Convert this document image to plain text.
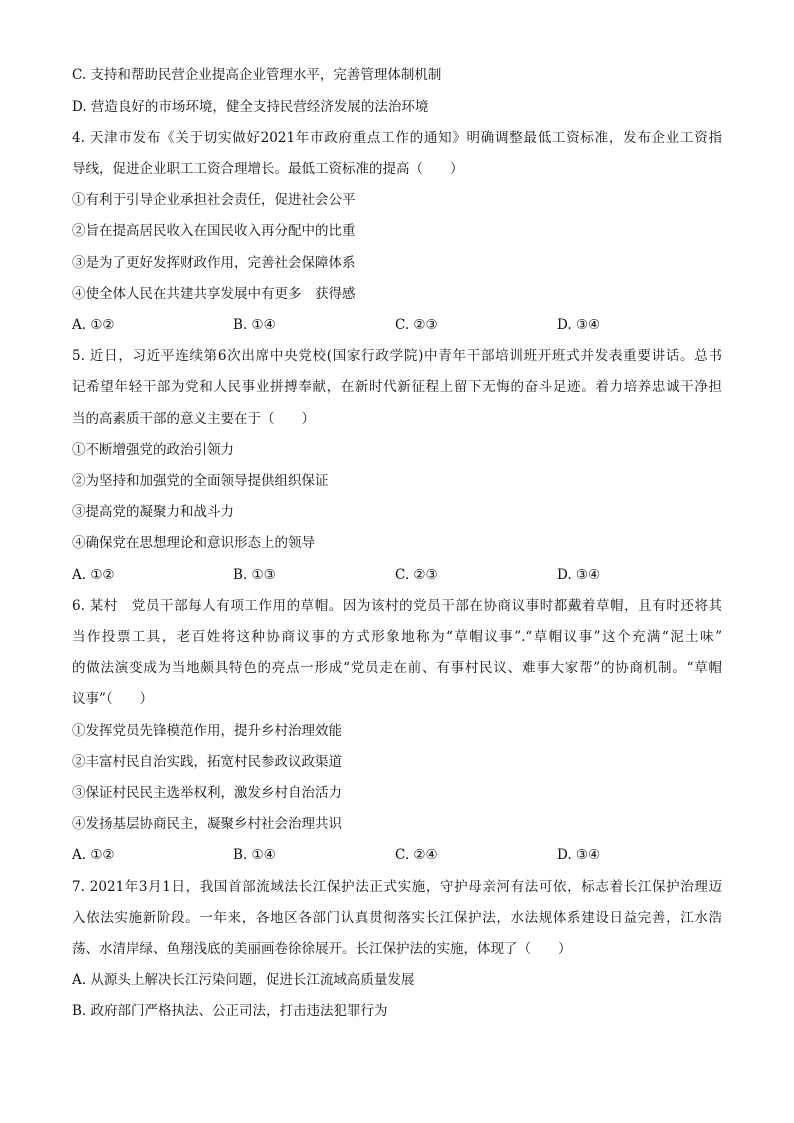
C. 支持和帮助民营企业提高企业管理水平，完善管理体制机制
D. 营造良好的市场环境，健全支持民营经济发展的法治环境
4. 天津市发布《关于切实做好2021年市政府重点工作的通知》明确调整最低工资标准，发布企业工资指
导线，促进企业职工工资合理增长。最低工资标准的提高（　　）
①有利于引导企业承担社会责任，促进社会公平
②旨在提高居民收入在国民收入再分配中的比重
③是为了更好发挥财政作用，完善社会保障体系
④使全体人民在共建共享发展中有更多　获得感
A. ①②	B. ①④	C. ②③	D. ③④
5. 近日，习近平连续第6次出席中央党校(国家行政学院)中青年干部培训班开班式并发表重要讲话。总书
记希望年轻干部为党和人民事业拼搏奉献，在新时代新征程上留下无悔的奋斗足迹。着力培养忠诚干净担
当的高素质干部的意义主要在于（　　）
①不断增强党的政治引领力
②为坚持和加强党的全面领导提供组织保证
③提高党的凝聚力和战斗力
④确保党在思想理论和意识形态上的领导
A. ①②	B. ①③	C. ②③	D. ③④
6. 某村　党员干部每人有项工作用的草帽。因为该村的党员干部在协商议事时都戴着草帽，且有时还将其
当作投票工具，老百姓将这种协商议事的方式形象地称为“草帽议事”.“草帽议事”这个充满“泥土味”
的做法演变成为当地颇具特色的亮点一形成“党员走在前、有事村民议、难事大家帮”的协商机制。“草帽
议事”（　　）
①发挥党员先锋模范作用，提升乡村治理效能
②丰富村民自治实践，拓宽村民参政议政渠道
③保证村民民主选举权利，激发乡村自治活力
④发扬基层协商民主，凝聚乡村社会治理共识
A. ①②	B. ①④	C. ②④	D. ③④
7. 2021年3月1日，我国首部流域法长江保护法正式实施，守护母亲河有法可依，标志着长江保护治理迈
入依法实施新阶段。一年来，各地区各部门认真贯彻落实长江保护法，水法规体系建设日益完善，江水浩
荡、水清岸绿、鱼翔浅底的美丽画卷徐徐展开。长江保护法的实施，体现了（　　）
A. 从源头上解决长江污染问题，促进长江流域高质量发展
B. 政府部门严格执法、公正司法，打击违法犯罪行为
